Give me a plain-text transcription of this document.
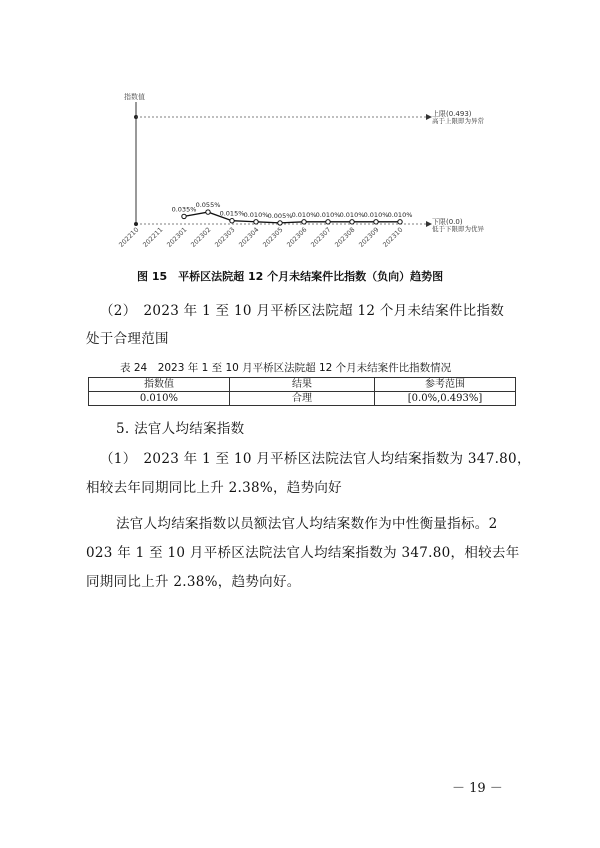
指数值
上限(0.493)
高于上限即为异常
下限(0.0)
低于下限即为优异
202210 202211 202301 202302 202303 202304 202305 202306 202307 202308 202309 202310
0.035%
0.055%
0.015% 0.010% 0.005% 0.010% 0.010% 0.010% 0.010% 0.010%
图 15　平桥区法院超 12 个月未结案件比指数（负向）趋势图
（2）　2023 年 1 至 10 月平桥区法院超 12 个月未结案件比指数
处于合理范围
表 24　2023 年 1 至 10 月平桥区法院超 12 个月未结案件比指数情况
指数值	结果	参考范围
0.010%	合理	[0.0%,0.493%]
5. 法官人均结案指数
（1）　2023 年 1 至 10 月平桥区法院法官人均结案指数为 347.80，
相较去年同期同比上升 2.38%，趋势向好
法官人均结案指数以员额法官人均结案数作为中性衡量指标。2
023 年 1 至 10 月平桥区法院法官人均结案指数为 347.80，相较去年
同期同比上升 2.38%，趋势向好。
－ 19 －
